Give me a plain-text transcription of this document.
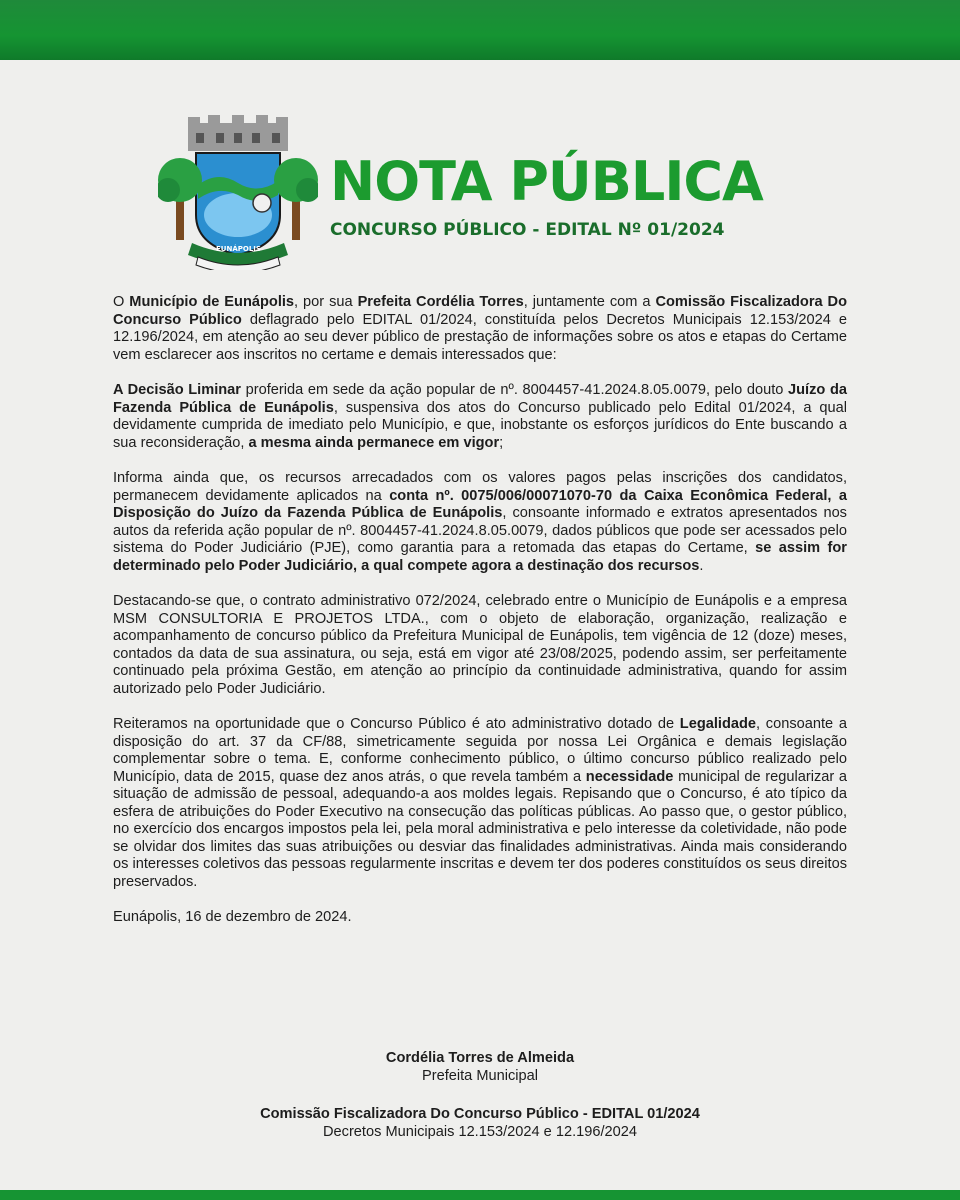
EUNÁPOLIS
NOTA PÚBLICA
CONCURSO PÚBLICO - EDITAL Nº 01/2024

O Município de Eunápolis, por sua Prefeita Cordélia Torres, juntamente com a Comissão Fiscalizadora Do Concurso Público deflagrado pelo EDITAL 01/2024, constituída pelos Decretos Municipais 12.153/2024 e 12.196/2024, em atenção ao seu dever público de prestação de informações sobre os atos e etapas do Certame vem esclarecer aos inscritos no certame e demais interessados que:

A Decisão Liminar proferida em sede da ação popular de nº. 8004457-41.2024.8.05.0079, pelo douto Juízo da Fazenda Pública de Eunápolis, suspensiva dos atos do Concurso publicado pelo Edital 01/2024, a qual devidamente cumprida de imediato pelo Município, e que, inobstante os esforços jurídicos do Ente buscando a sua reconsideração, a mesma ainda permanece em vigor;

Informa ainda que, os recursos arrecadados com os valores pagos pelas inscrições dos candidatos, permanecem devidamente aplicados na conta nº. 0075/006/00071070-70 da Caixa Econômica Federal, a Disposição do Juízo da Fazenda Pública de Eunápolis, consoante informado e extratos apresentados nos autos da referida ação popular de nº. 8004457-41.2024.8.05.0079, dados públicos que pode ser acessados pelo sistema do Poder Judiciário (PJE), como garantia para a retomada das etapas do Certame, se assim for determinado pelo Poder Judiciário, a qual compete agora a destinação dos recursos.

Destacando-se que, o contrato administrativo 072/2024, celebrado entre o Município de Eunápolis e a empresa MSM CONSULTORIA E PROJETOS LTDA., com o objeto de elaboração, organização, realização e acompanhamento de concurso público da Prefeitura Municipal de Eunápolis, tem vigência de 12 (doze) meses, contados da data de sua assinatura, ou seja, está em vigor até 23/08/2025, podendo assim, ser perfeitamente continuado pela próxima Gestão, em atenção ao princípio da continuidade administrativa, quando for assim autorizado pelo Poder Judiciário.

Reiteramos na oportunidade que o Concurso Público é ato administrativo dotado de Legalidade, consoante a disposição do art. 37 da CF/88, simetricamente seguida por nossa Lei Orgânica e demais legislação complementar sobre o tema. E, conforme conhecimento público, o último concurso público realizado pelo Município, data de 2015, quase dez anos atrás, o que revela também a necessidade municipal de regularizar a situação de admissão de pessoal, adequando-a aos moldes legais. Repisando que o Concurso, é ato típico da esfera de atribuições do Poder Executivo na consecução das políticas públicas. Ao passo que, o gestor público, no exercício dos encargos impostos pela lei, pela moral administrativa e pelo interesse da coletividade, não pode se olvidar dos limites das suas atribuições ou desviar das finalidades administrativas. Ainda mais considerando os interesses coletivos das pessoas regularmente inscritas e devem ter dos poderes constituídos os seus direitos preservados.

Eunápolis, 16 de dezembro de 2024.

Cordélia Torres de Almeida

Prefeita Municipal

Comissão Fiscalizadora Do Concurso Público - EDITAL 01/2024

Decretos Municipais 12.153/2024 e 12.196/2024
